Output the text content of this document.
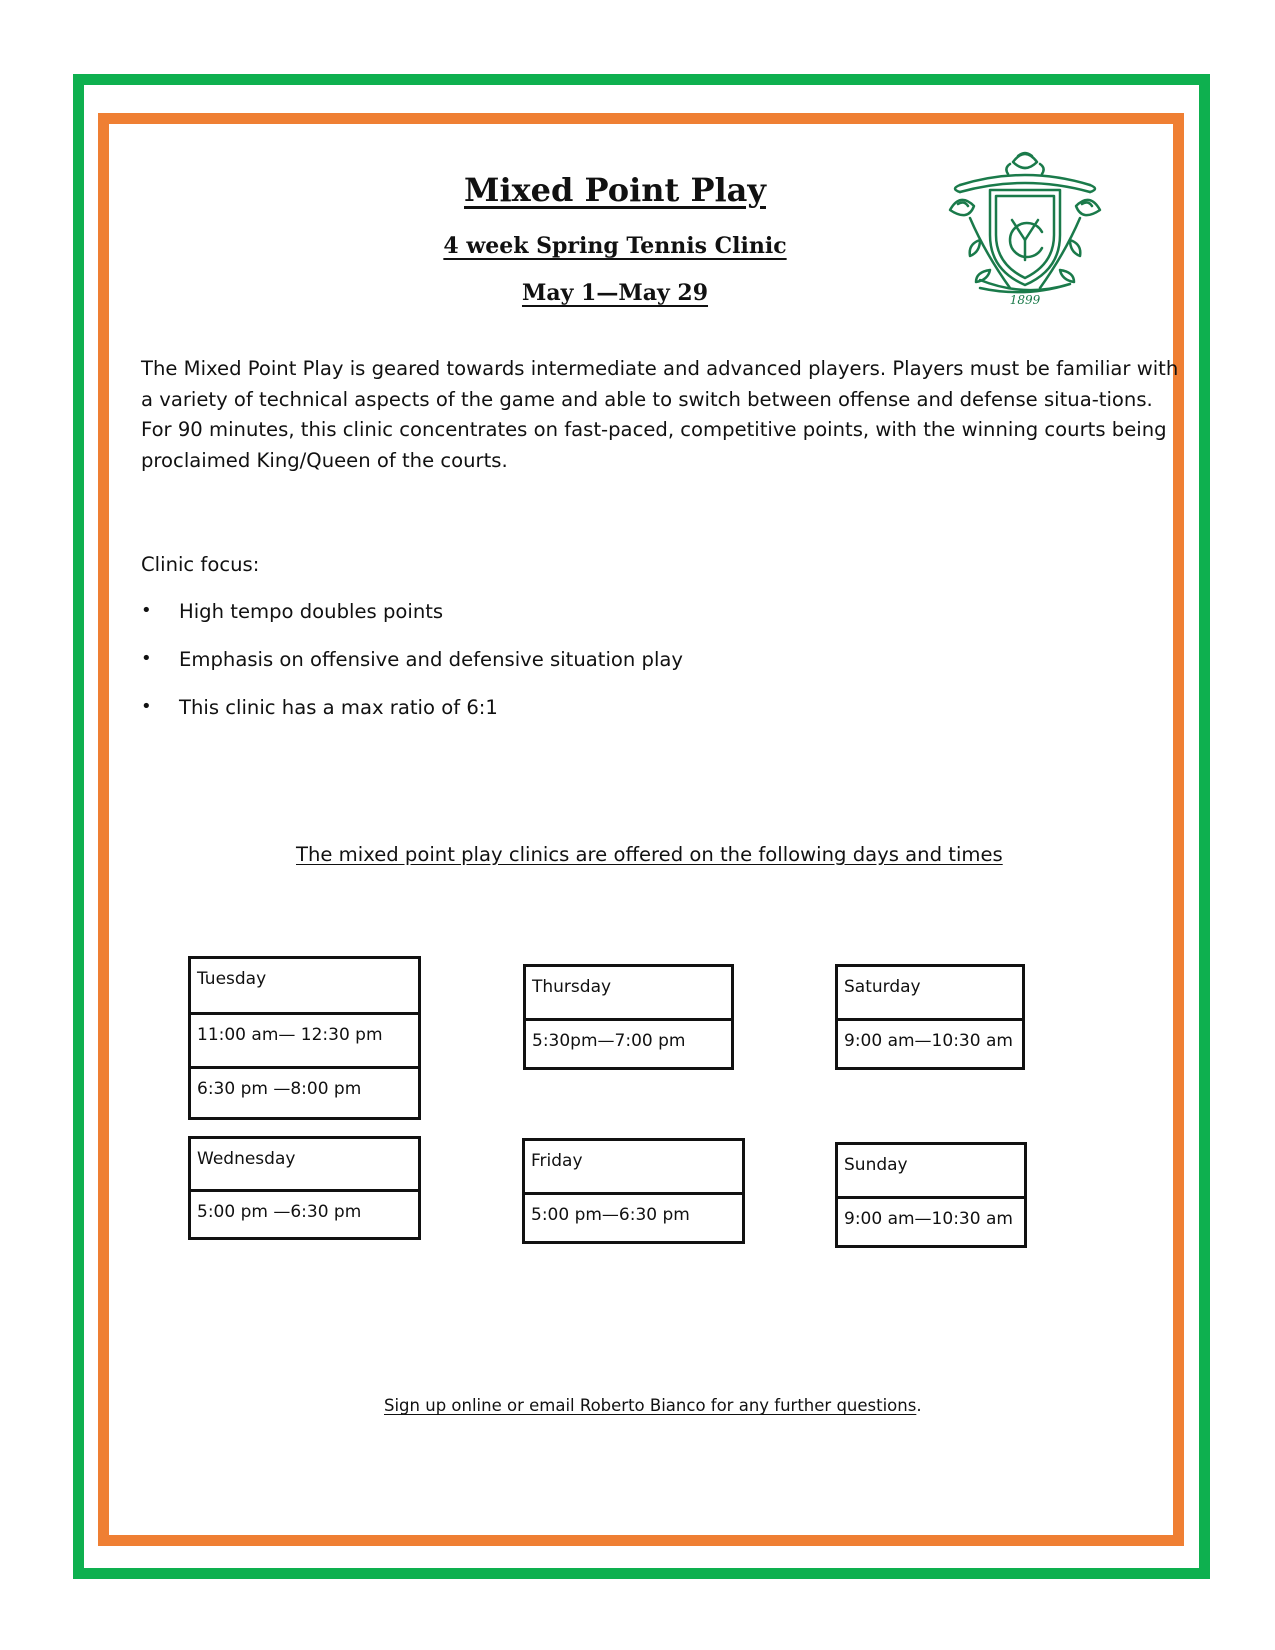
Mixed Point Play
4 week Spring Tennis Clinic
May 1—May 29	1899

The Mixed Point Play is geared towards intermediate and advanced players. Players must be familiar with a variety of technical aspects of the game and able to switch between offense and defense situa-tions. For 90 minutes, this clinic concentrates on fast-paced, competitive points, with the winning courts being proclaimed King/Queen of the courts.

Clinic focus:

• High tempo doubles points
• Emphasis on offensive and defensive situation play
• This clinic has a max ratio of 6:1

The mixed point play clinics are offered on the following days and times

Tuesday
11:00 am— 12:30 pm
6:30 pm —8:00 pm
Thursday
5:30pm—7:00 pm
Saturday
9:00 am—10:30 am
Wednesday
5:00 pm —6:30 pm
Friday
5:00 pm—6:30 pm
Sunday
9:00 am—10:30 am

Sign up online or email Roberto Bianco for any further questions.
